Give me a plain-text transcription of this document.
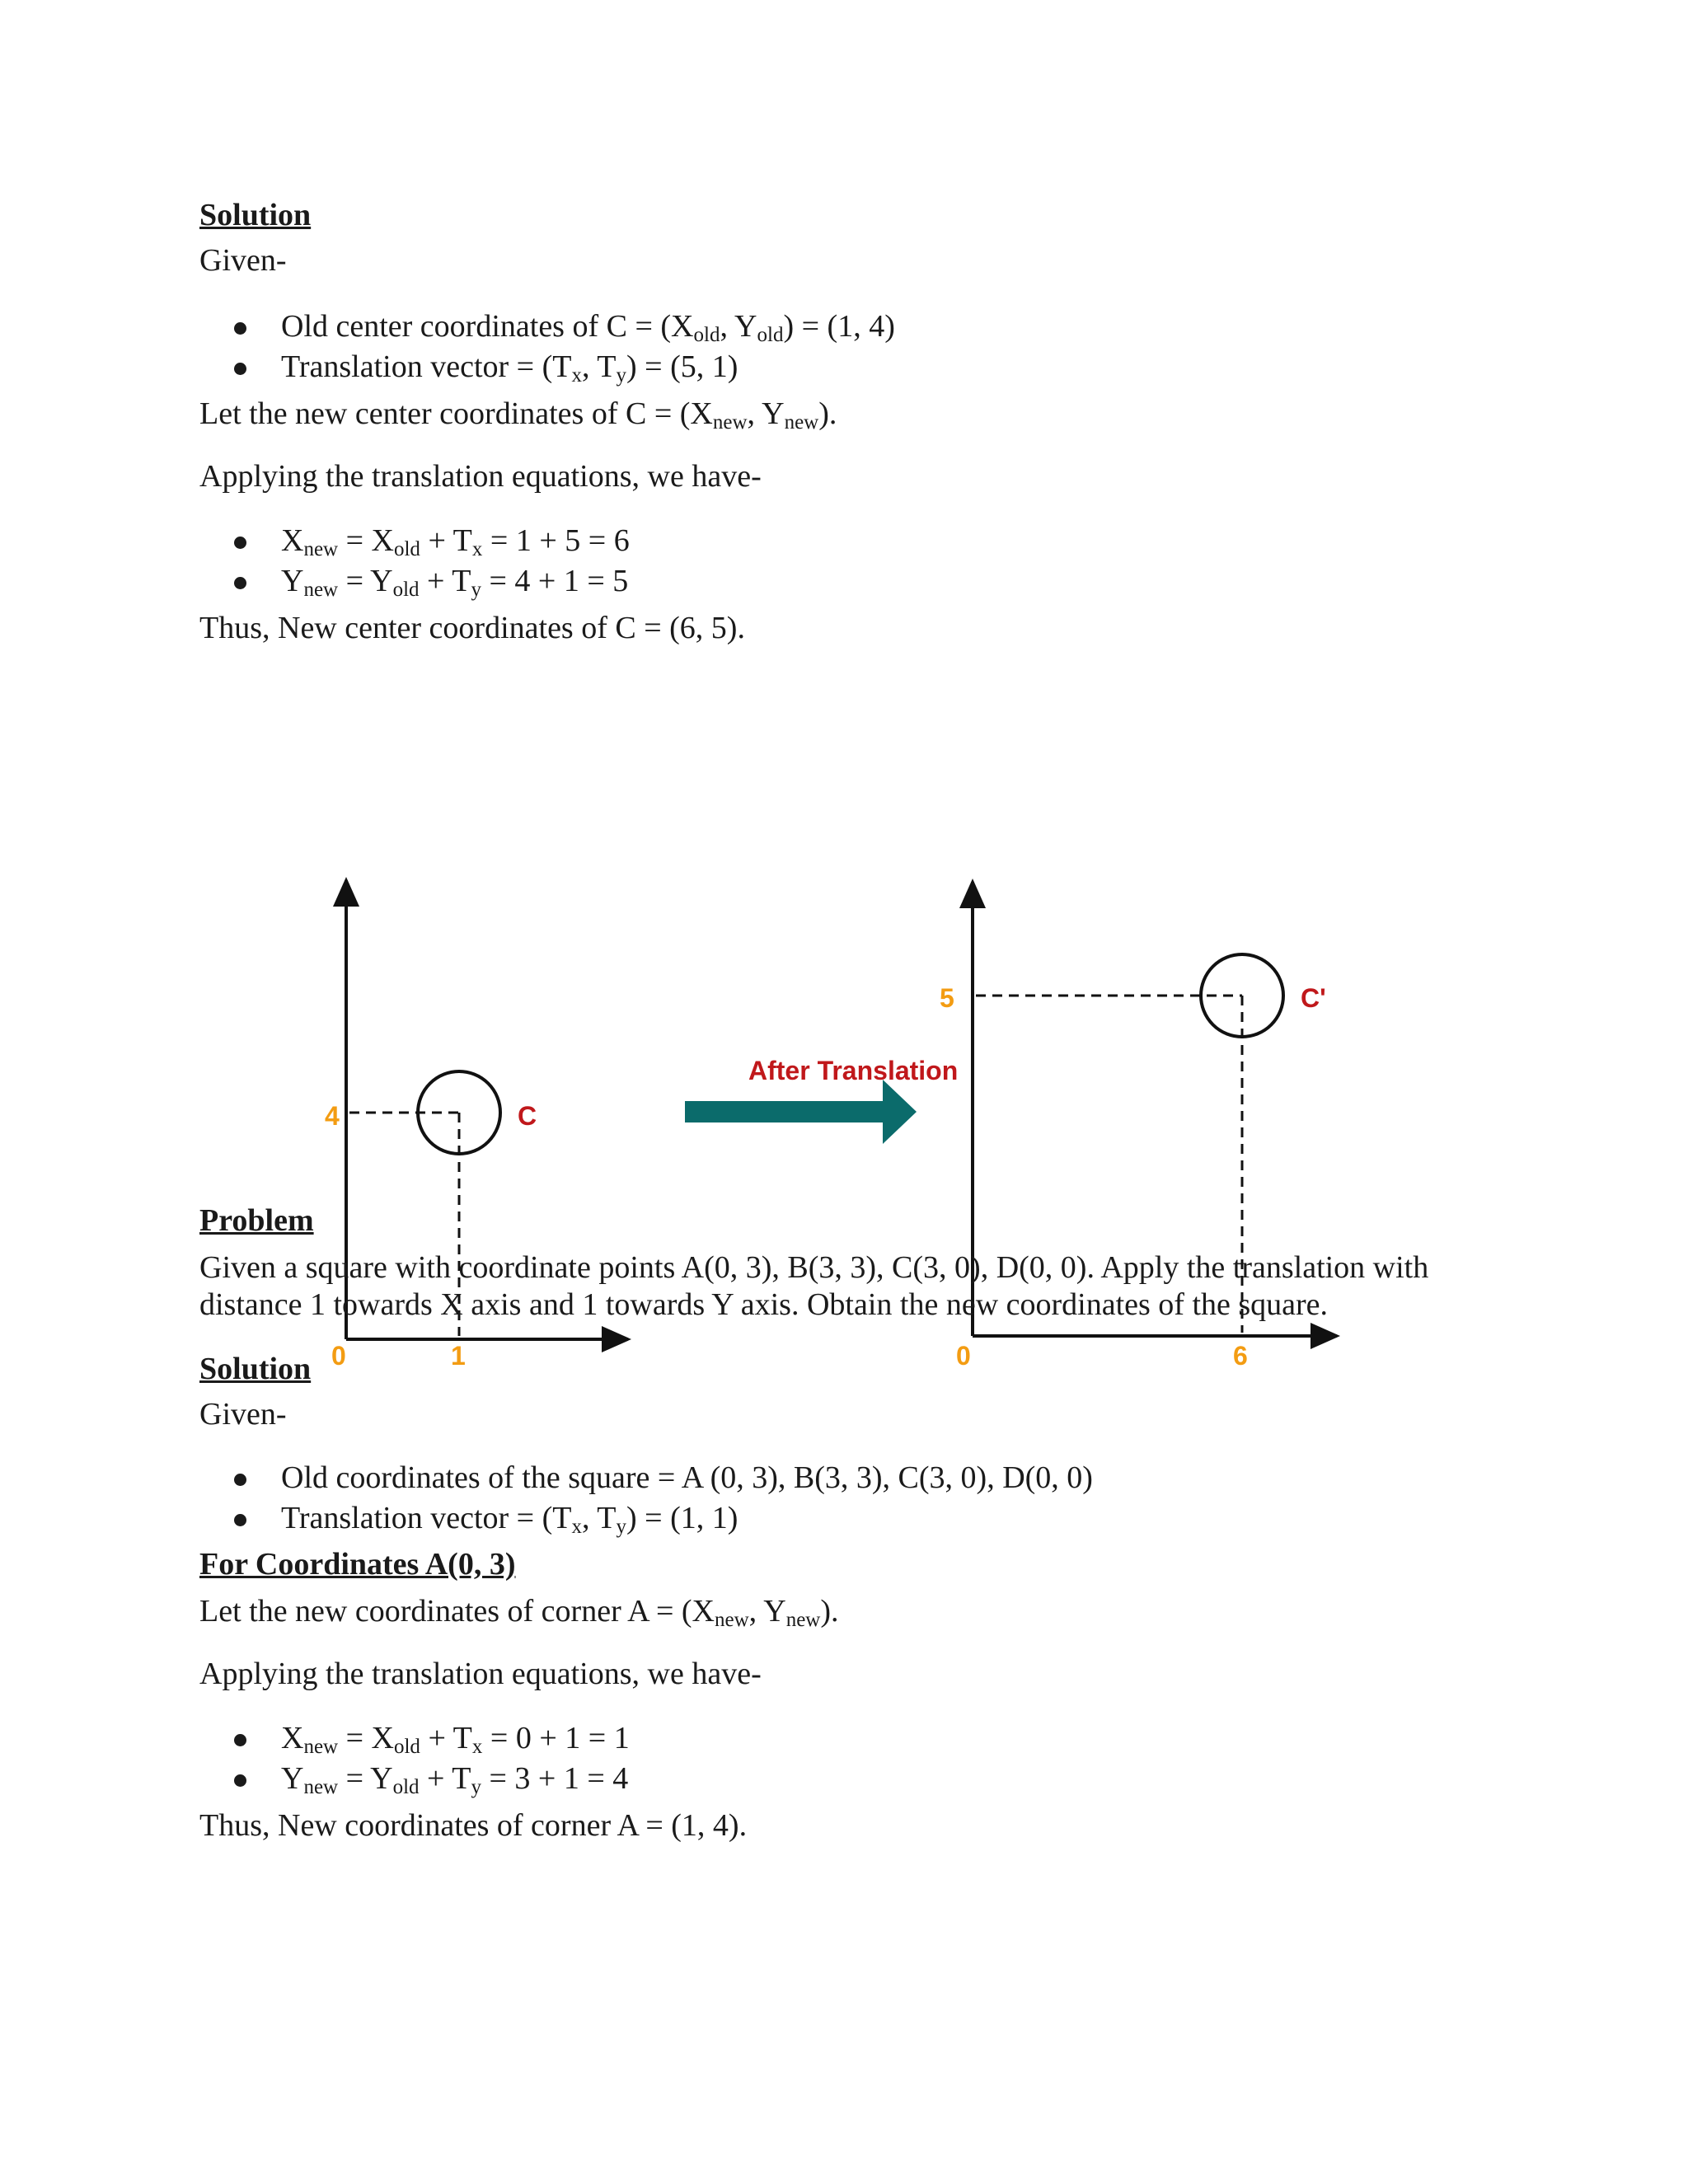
Solution

Given-

Old center coordinates of $C = (X_{old}$, $Y_{old}) = (1$, 4)

Translation vector = ($T_x$, $T_y) = (5$, 1)

Let the new center coordinates of $C = (X_{new}$, $Y_{new}$).

Applying the translation equations, we have-

$X_{new} = X_{old} + T_x = 1 + 5 = 6$

$Y_{new} = Y_{old} + T_y = 4 + 1 = 5$

Thus, New center coordinates of C = (6, 5).

4
0	1
C
After Translation
5
0	6
C'

Problem

Given a square with coordinate points A(0, 3), B(3, 3), C(3, 0), D(0, 0). Apply the translation with

distance 1 towards X axis and 1 towards Y axis. Obtain the new coordinates of the square.

Solution

Given-

Old coordinates of the square = A (0, 3), B(3, 3), C(3, 0), D(0, 0)

Translation vector = ($T_x$, $T_y) = (1$, 1)

For Coordinates A(0, 3)

Let the new coordinates of corner $A = (X_{new}$, $Y_{new}$).

Applying the translation equations, we have-

$X_{new} = X_{old} + T_x = 0 + 1 = 1$

$Y_{new} = Y_{old} + T_y = 3 + 1 = 4$

Thus, New coordinates of corner A = (1, 4).
